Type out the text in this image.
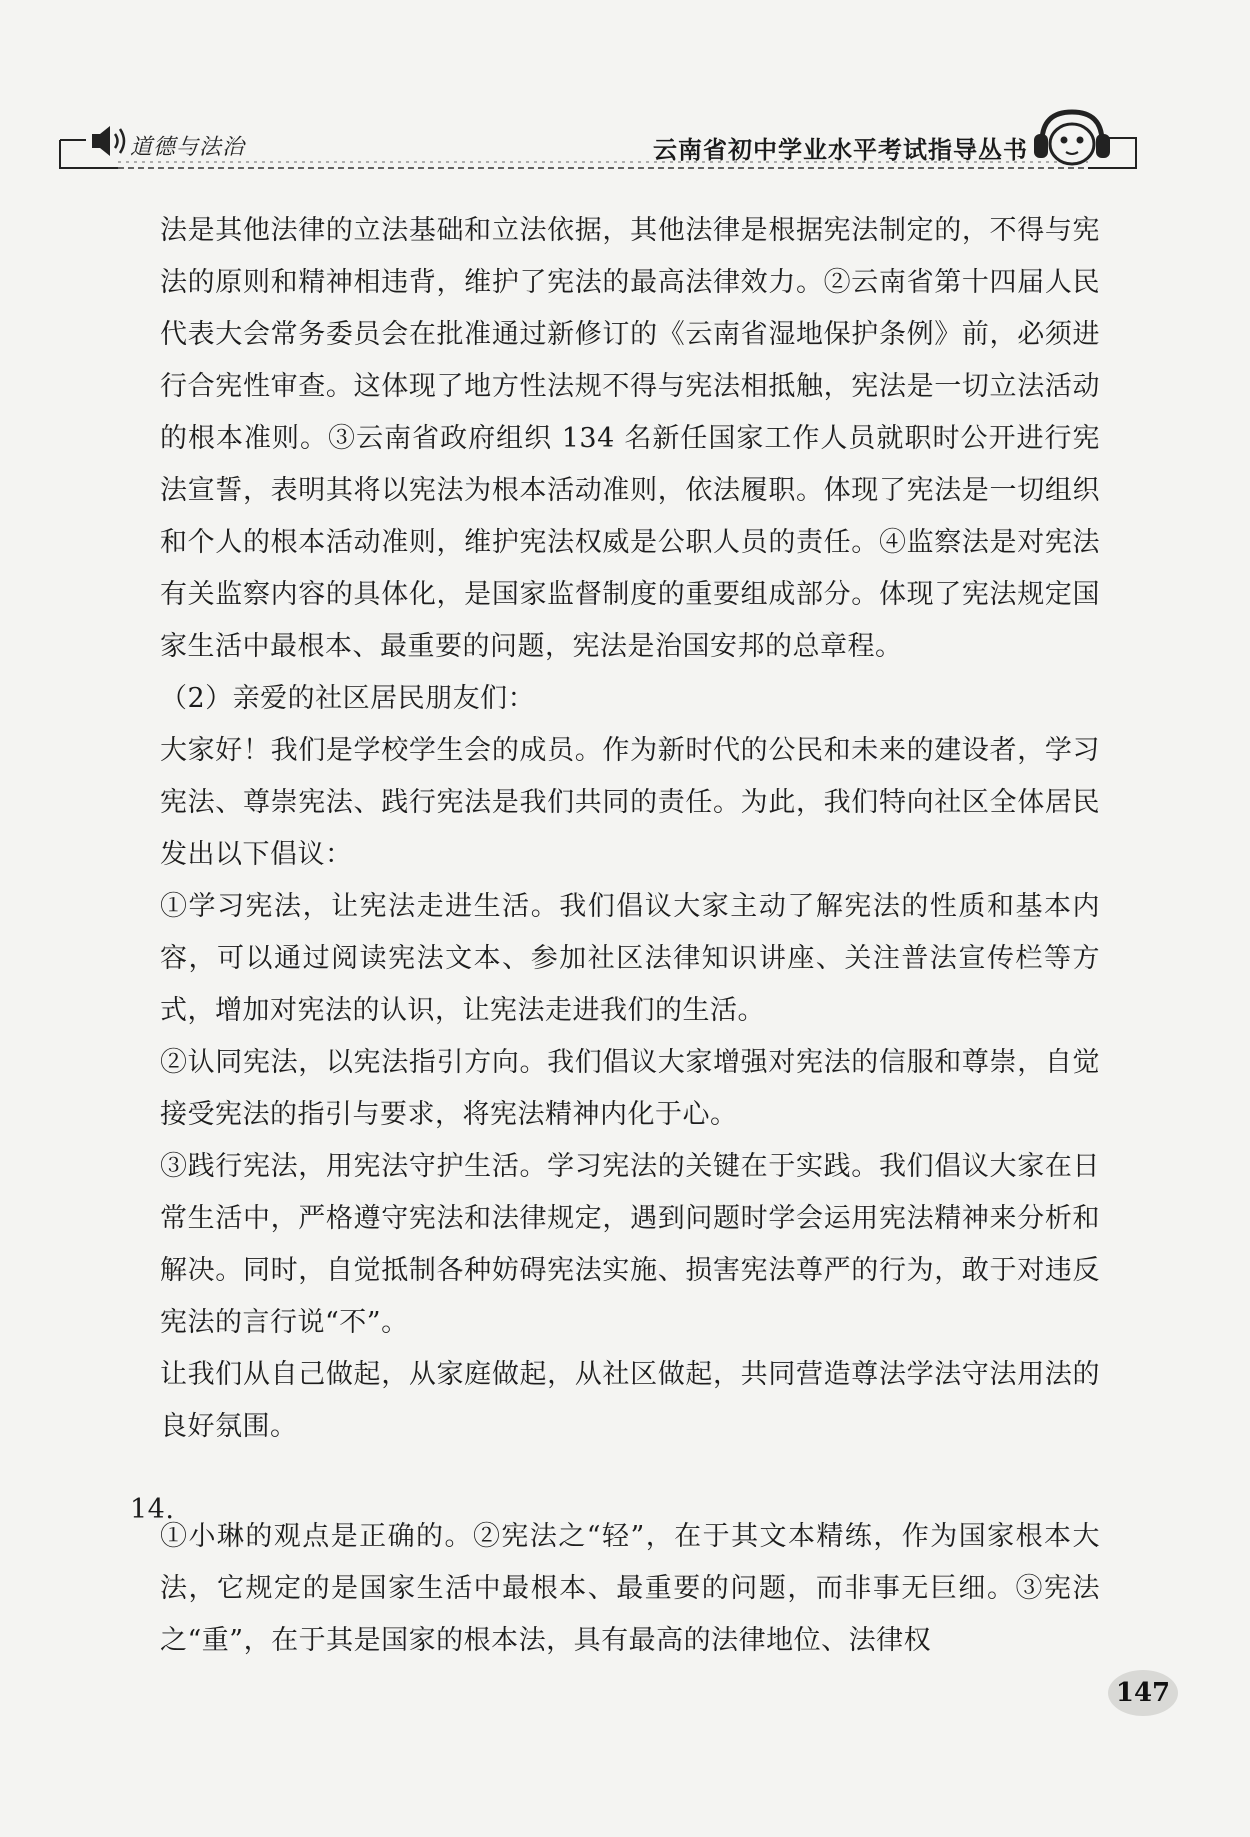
道德与法治	云南省初中学业水平考试指导丛书

法是其他法律的立法基础和立法依据，其他法律是根据宪法制定的，不得与宪法的原则和精神相违背，维护了宪法的最高法律效力。②云南省第十四届人民代表大会常务委员会在批准通过新修订的《云南省湿地保护条例》前，必须进行合宪性审查。这体现了地方性法规不得与宪法相抵触，宪法是一切立法活动的根本准则。③云南省政府组织 134 名新任国家工作人员就职时公开进行宪法宣誓，表明其将以宪法为根本活动准则，依法履职。体现了宪法是一切组织和个人的根本活动准则，维护宪法权威是公职人员的责任。④监察法是对宪法有关监察内容的具体化，是国家监督制度的重要组成部分。体现了宪法规定国家生活中最根本、最重要的问题，宪法是治国安邦的总章程。

（2）亲爱的社区居民朋友们：

大家好！我们是学校学生会的成员。作为新时代的公民和未来的建设者，学习宪法、尊崇宪法、践行宪法是我们共同的责任。为此，我们特向社区全体居民发出以下倡议：

①学习宪法，让宪法走进生活。我们倡议大家主动了解宪法的性质和基本内容，可以通过阅读宪法文本、参加社区法律知识讲座、关注普法宣传栏等方式，增加对宪法的认识，让宪法走进我们的生活。

②认同宪法，以宪法指引方向。我们倡议大家增强对宪法的信服和尊崇，自觉接受宪法的指引与要求，将宪法精神内化于心。

③践行宪法，用宪法守护生活。学习宪法的关键在于实践。我们倡议大家在日常生活中，严格遵守宪法和法律规定，遇到问题时学会运用宪法精神来分析和解决。同时，自觉抵制各种妨碍宪法实施、损害宪法尊严的行为，敢于对违反宪法的言行说“不”。

让我们从自己做起，从家庭做起，从社区做起，共同营造尊法学法守法用法的良好氛围。

14.

①小琳的观点是正确的。②宪法之“轻”，在于其文本精练，作为国家根本大法，它规定的是国家生活中最根本、最重要的问题，而非事无巨细。③宪法之“重”，在于其是国家的根本法，具有最高的法律地位、法律权

147
